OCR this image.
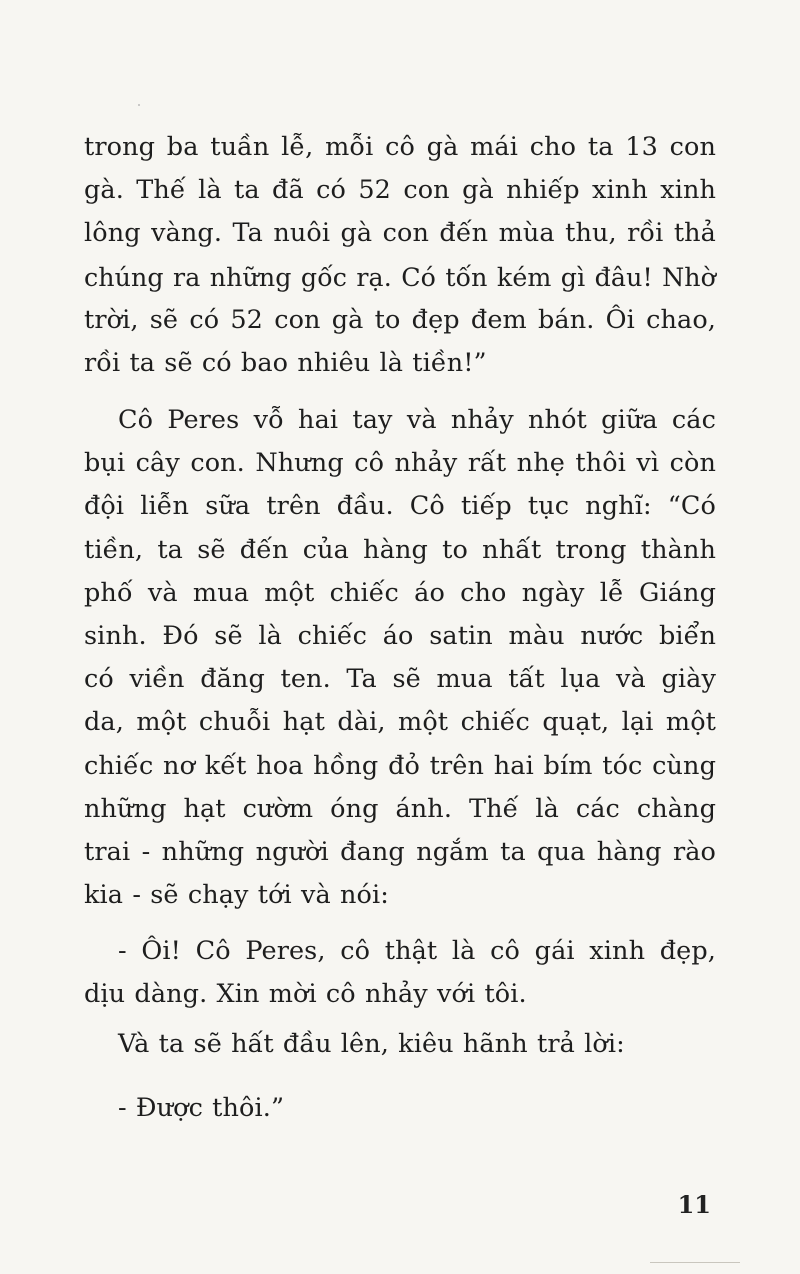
trong ba tuần lễ, mỗi cô gà mái cho ta 13 con
gà. Thế là ta đã có 52 con gà nhiếp xinh xinh
lông vàng. Ta nuôi gà con đến mùa thu, rồi thả
chúng ra những gốc rạ. Có tốn kém gì đâu! Nhờ
trời, sẽ có 52 con gà to đẹp đem bán. Ôi chao,
rồi ta sẽ có bao nhiêu là tiền!”
Cô Peres vỗ hai tay và nhảy nhót giữa các
bụi cây con. Nhưng cô nhảy rất nhẹ thôi vì còn
đội liễn sữa trên đầu. Cô tiếp tục nghĩ: “Có
tiền, ta sẽ đến của hàng to nhất trong thành
phố và mua một chiếc áo cho ngày lễ Giáng
sinh. Đó sẽ là chiếc áo satin màu nước biển
có viền đăng ten. Ta sẽ mua tất lụa và giày
da, một chuỗi hạt dài, một chiếc quạt, lại một
chiếc nơ kết hoa hồng đỏ trên hai bím tóc cùng
những hạt cườm óng ánh. Thế là các chàng
trai - những người đang ngắm ta qua hàng rào
kia - sẽ chạy tới và nói:
- Ôi! Cô Peres, cô thật là cô gái xinh đẹp,
dịu dàng. Xin mời cô nhảy với tôi.
Và ta sẽ hất đầu lên, kiêu hãnh trả lời:
- Được thôi.”
11
